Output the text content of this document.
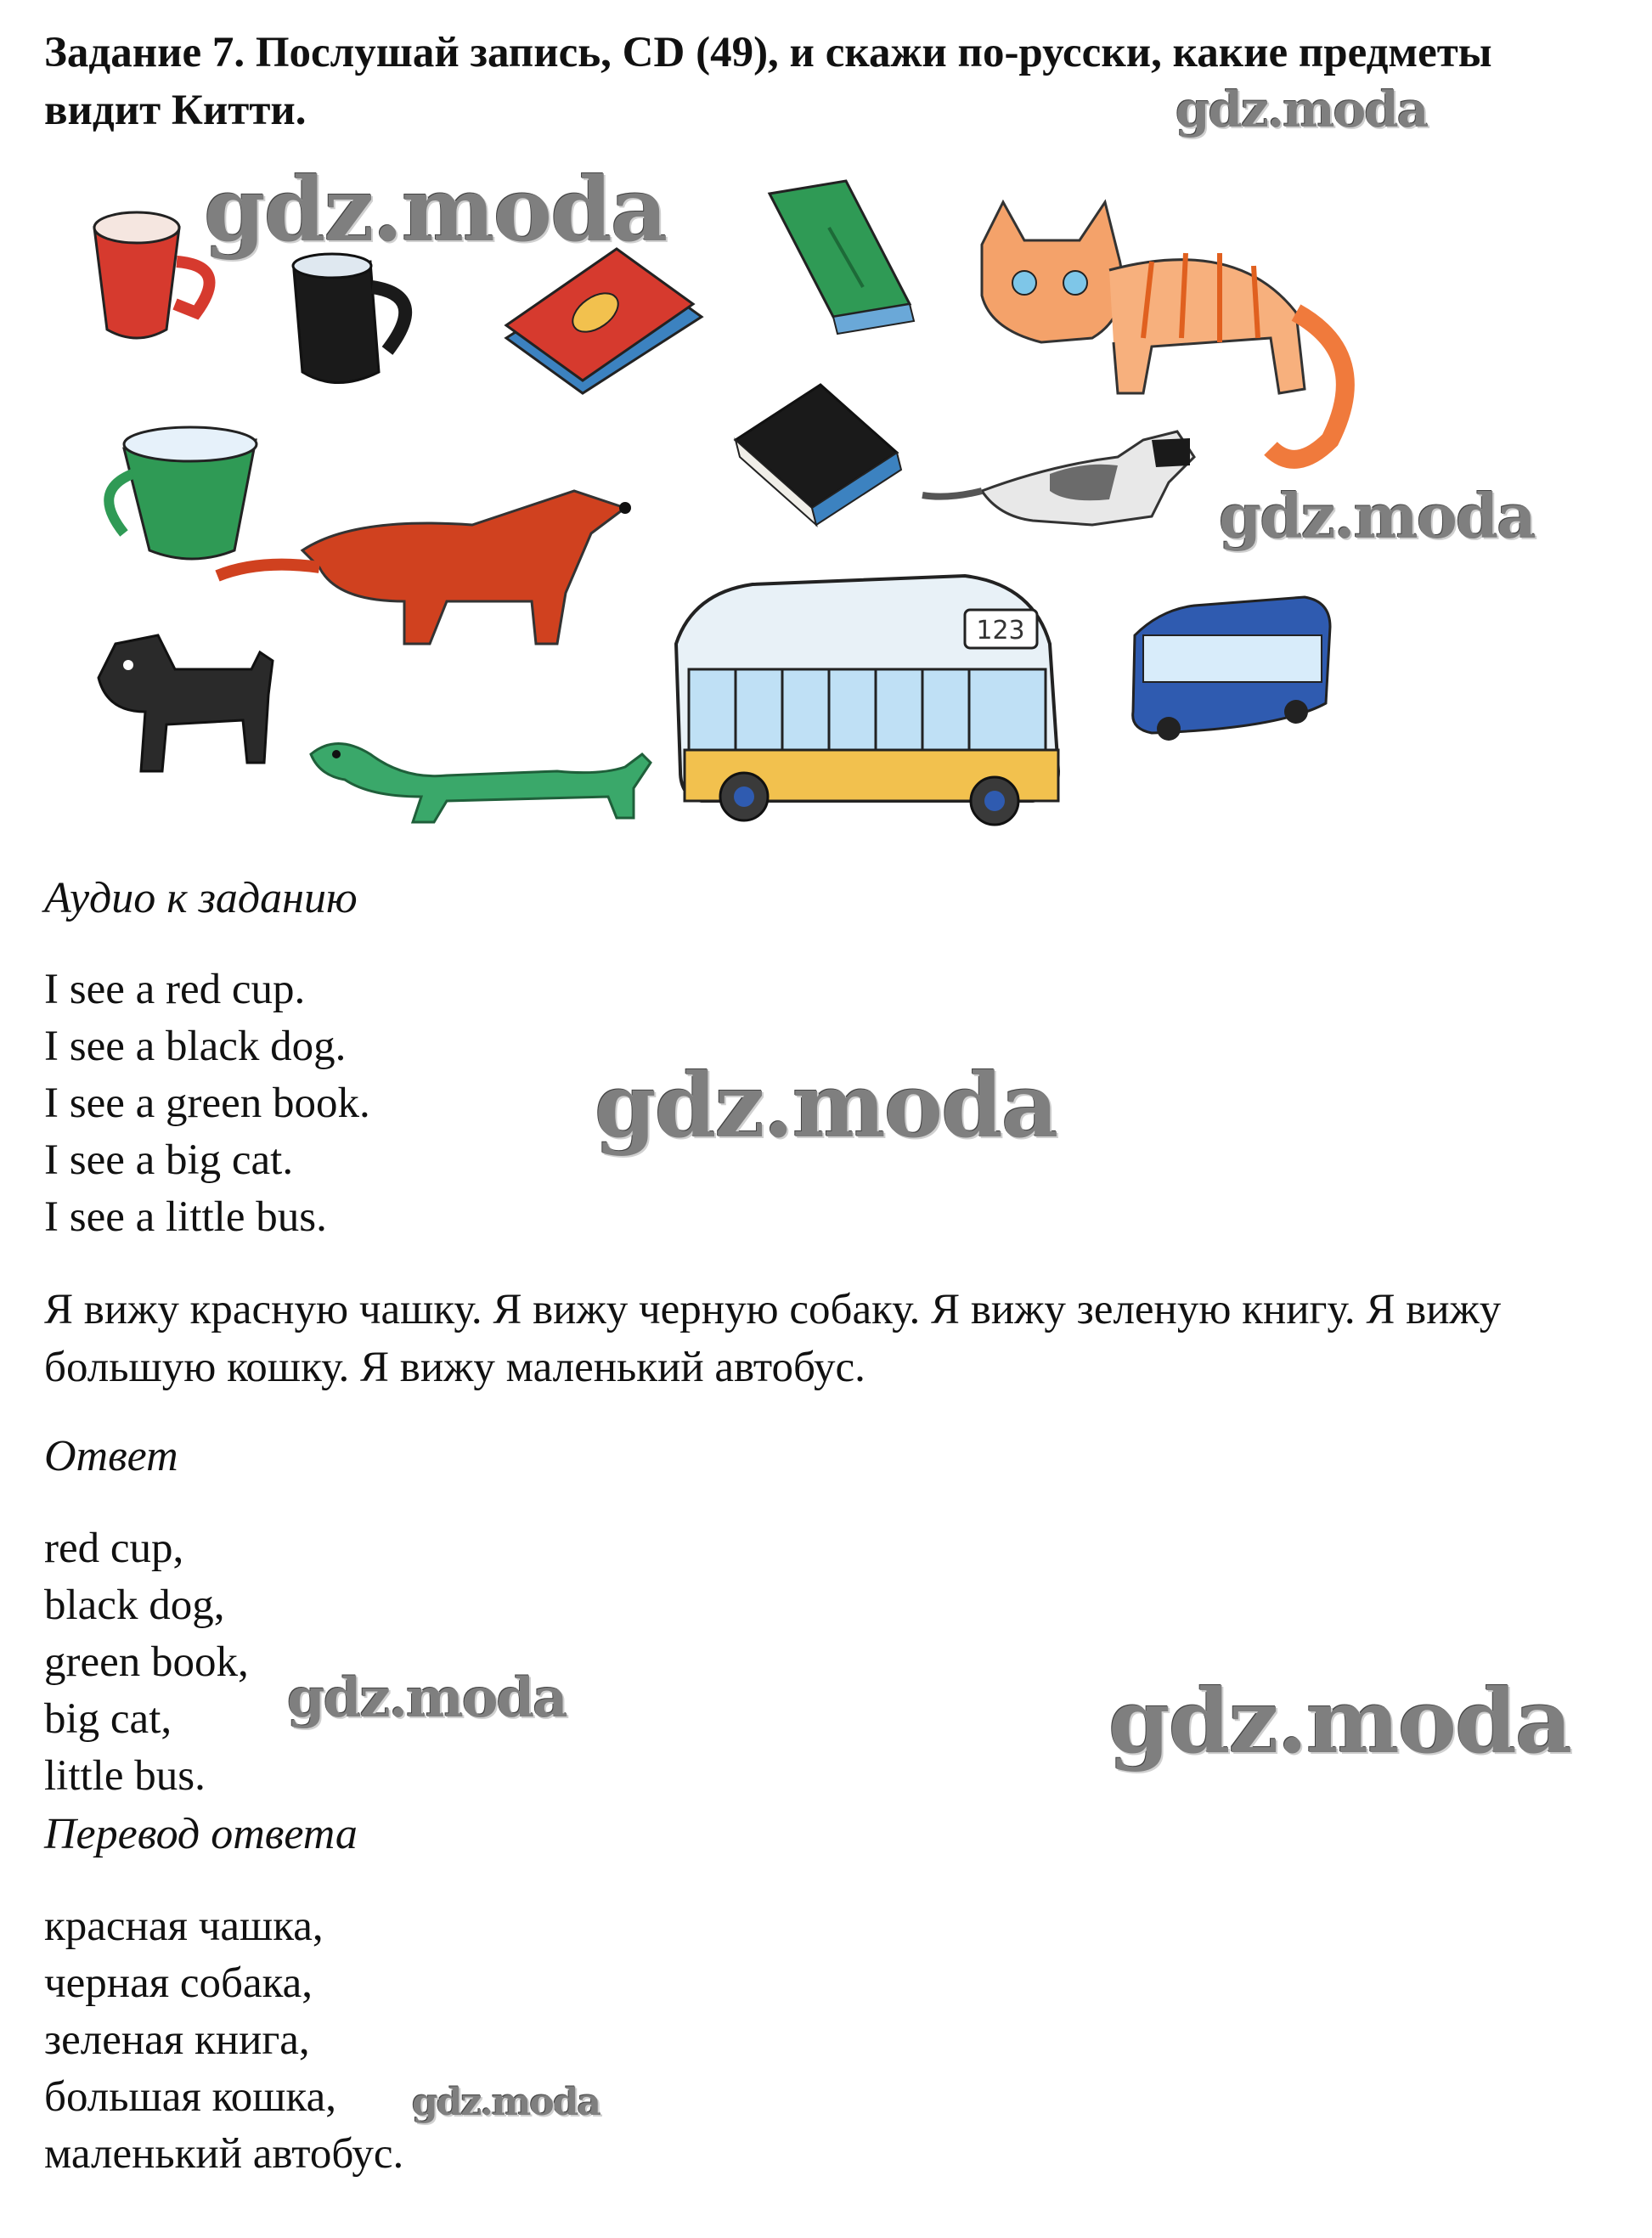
Задание 7. Послушай запись, CD (49), и скажи по-русски, какие предметы видит Китти.
123
gdz.moda
gdz.moda
gdz.moda
gdz.moda
gdz.moda	gdz.moda
gdz.moda

Аудио к заданию

I see a red cup.
I see a black dog.
I see a green book.
I see a big cat.
I see a little bus.

Я вижу красную чашку. Я вижу черную собаку. Я вижу зеленую книгу. Я вижу большую кошку. Я вижу маленький автобус.

Ответ

red cup,
black dog,
green book,
big cat,
little bus.

Перевод ответа

красная чашка,
черная собака,
зеленая книга,
большая кошка,
маленький автобус.
